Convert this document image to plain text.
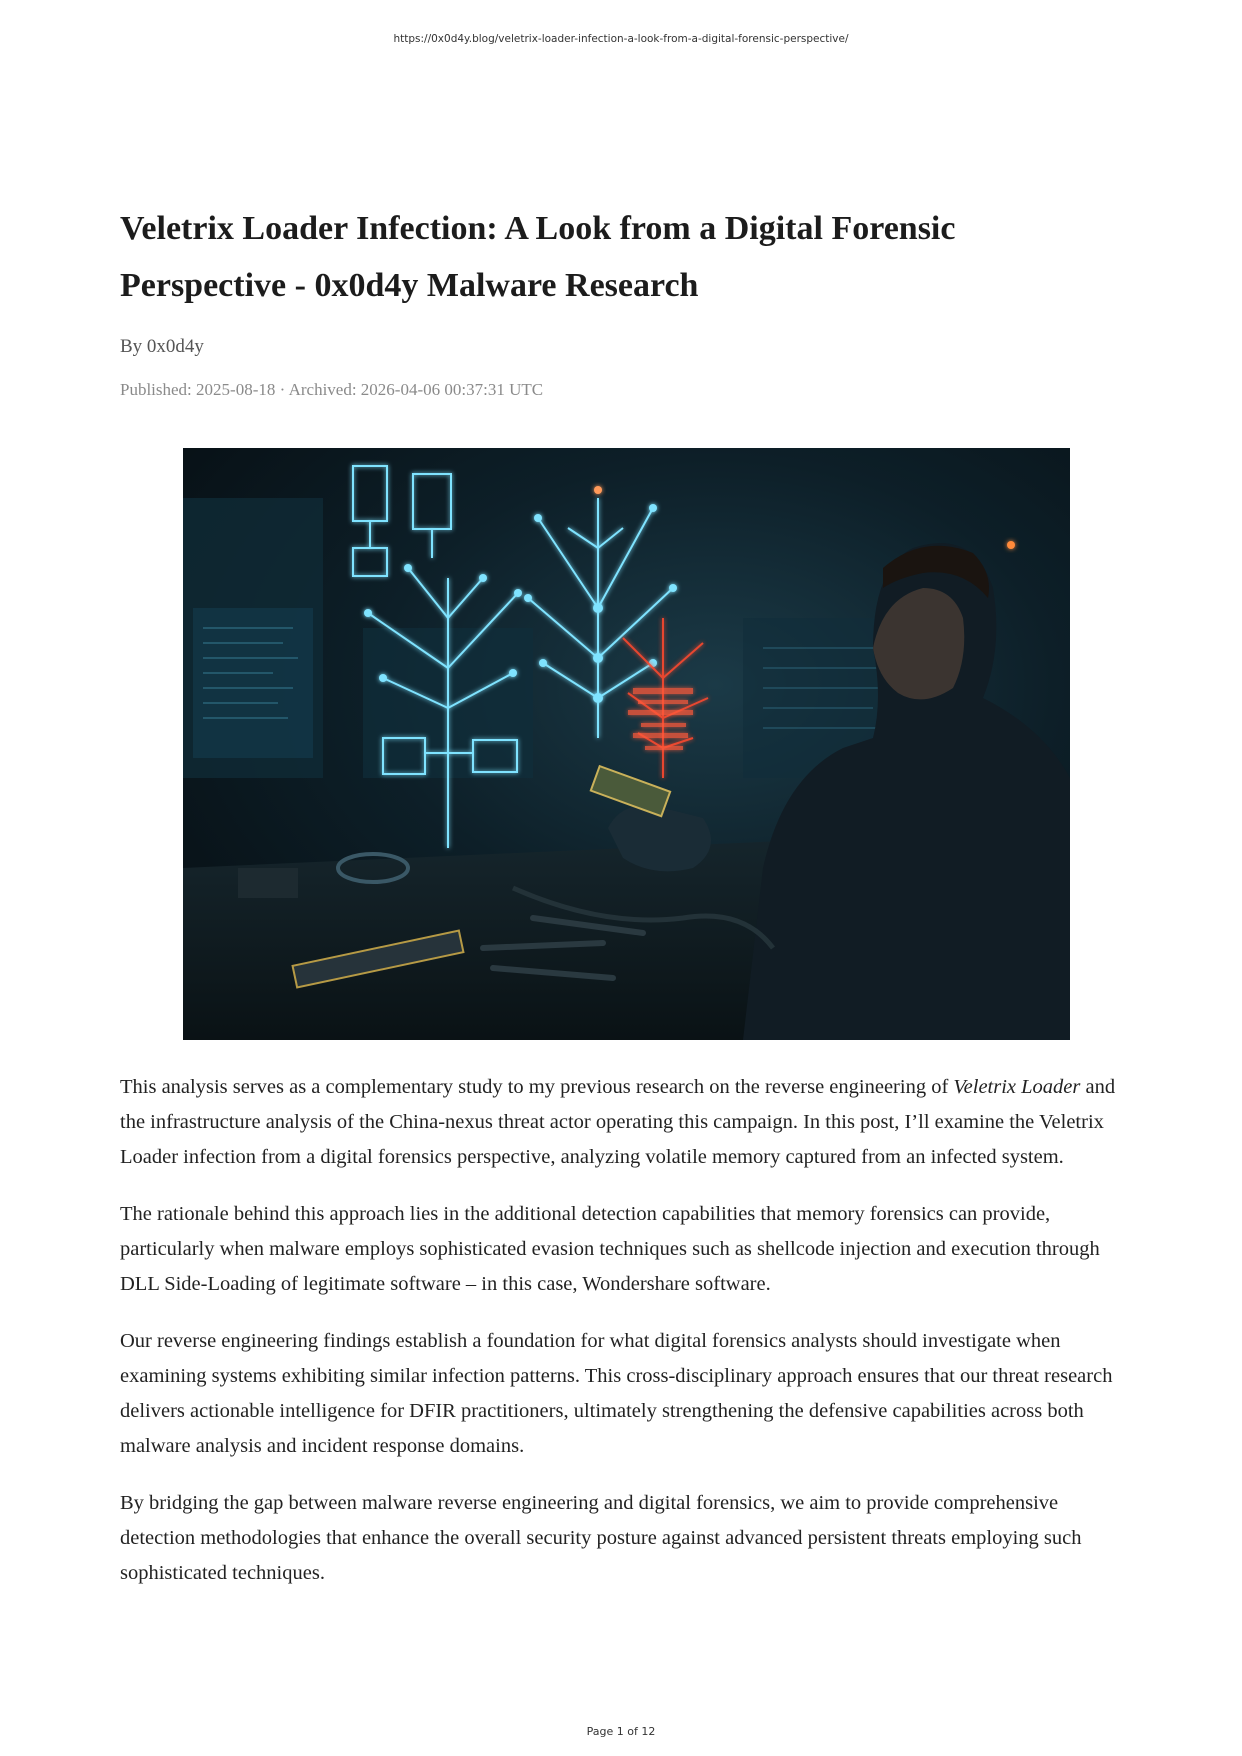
https://0x0d4y.blog/veletrix-loader-infection-a-look-from-a-digital-forensic-perspective/
Veletrix Loader Infection: A Look from a Digital Forensic
Perspective - 0x0d4y Malware Research
By 0x0d4y
Published: 2025-08-18 · Archived: 2026-04-06 00:37:31 UTC

This analysis serves as a complementary study to my previous research on the reverse engineering of Veletrix Loader and the infrastructure analysis of the China-nexus threat actor operating this campaign. In this post, I’ll examine the Veletrix Loader infection from a digital forensics perspective, analyzing volatile memory captured from an infected system.

The rationale behind this approach lies in the additional detection capabilities that memory forensics can provide, particularly when malware employs sophisticated evasion techniques such as shellcode injection and execution through DLL Side-Loading of legitimate software – in this case, Wondershare software.

Our reverse engineering findings establish a foundation for what digital forensics analysts should investigate when examining systems exhibiting similar infection patterns. This cross-disciplinary approach ensures that our threat research delivers actionable intelligence for DFIR practitioners, ultimately strengthening the defensive capabilities across both malware analysis and incident response domains.

By bridging the gap between malware reverse engineering and digital forensics, we aim to provide comprehensive detection methodologies that enhance the overall security posture against advanced persistent threats employing such sophisticated techniques.

Page 1 of 12
